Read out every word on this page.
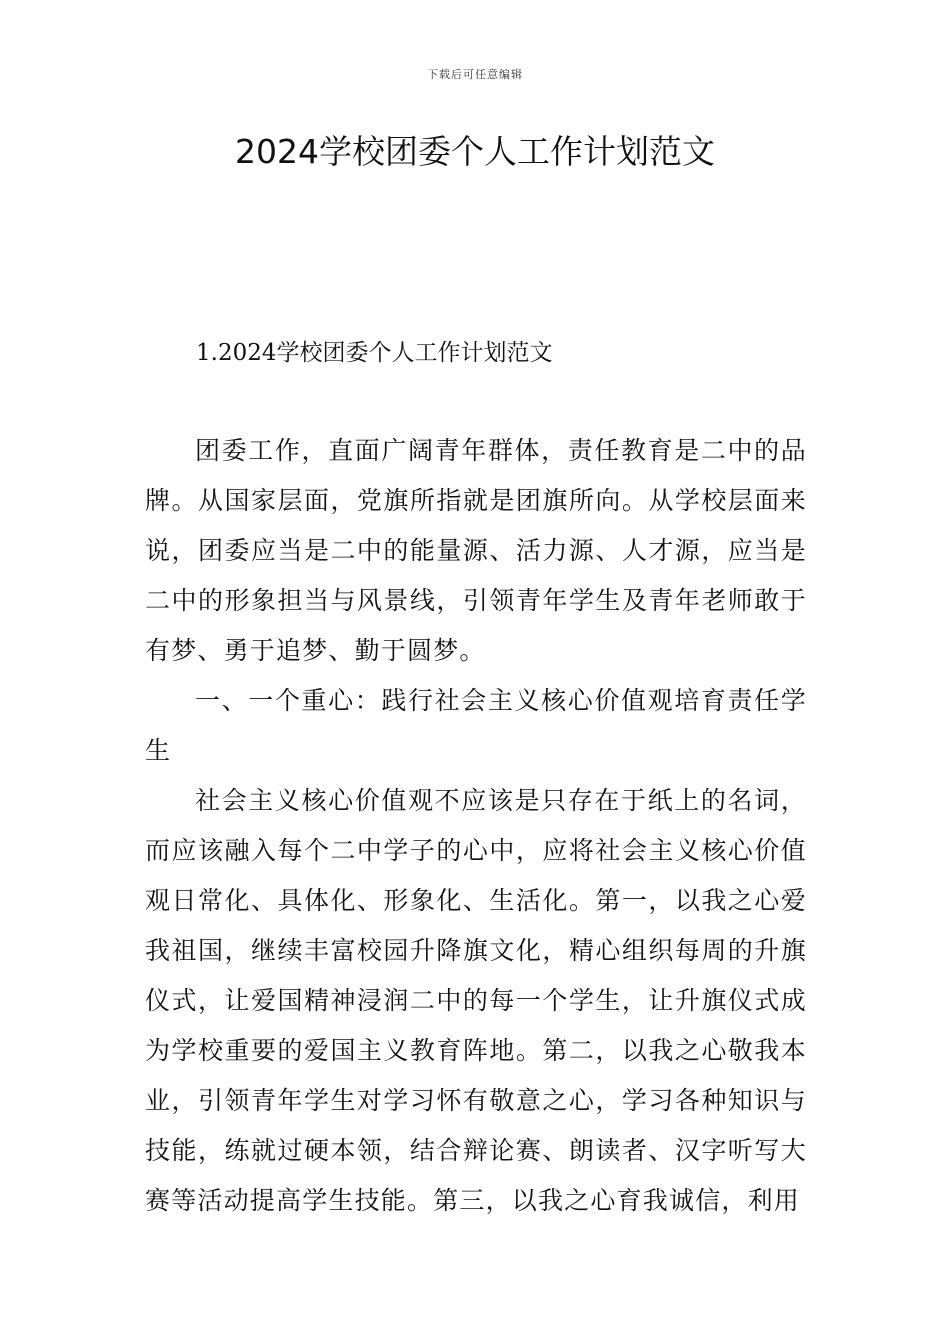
下载后可任意编辑
2024学校团委个人工作计划范文
1.2024学校团委个人工作计划范文

团委工作，直面广阔青年群体，责任教育是二中的品牌。从国家层面，党旗所指就是团旗所向。从学校层面来说，团委应当是二中的能量源、活力源、人才源，应当是二中的形象担当与风景线，引领青年学生及青年老师敢于有梦、勇于追梦、勤于圆梦。

一、一个重心：践行社会主义核心价值观培育责任学生

社会主义核心价值观不应该是只存在于纸上的名词，而应该融入每个二中学子的心中，应将社会主义核心价值观日常化、具体化、形象化、生活化。第一，以我之心爱我祖国，继续丰富校园升降旗文化，精心组织每周的升旗仪式，让爱国精神浸润二中的每一个学生，让升旗仪式成为学校重要的爱国主义教育阵地。第二，以我之心敬我本业，引领青年学生对学习怀有敬意之心，学习各种知识与技能，练就过硬本领，结合辩论赛、朗读者、汉字听写大赛等活动提高学生技能。第三，以我之心育我诚信，利用
